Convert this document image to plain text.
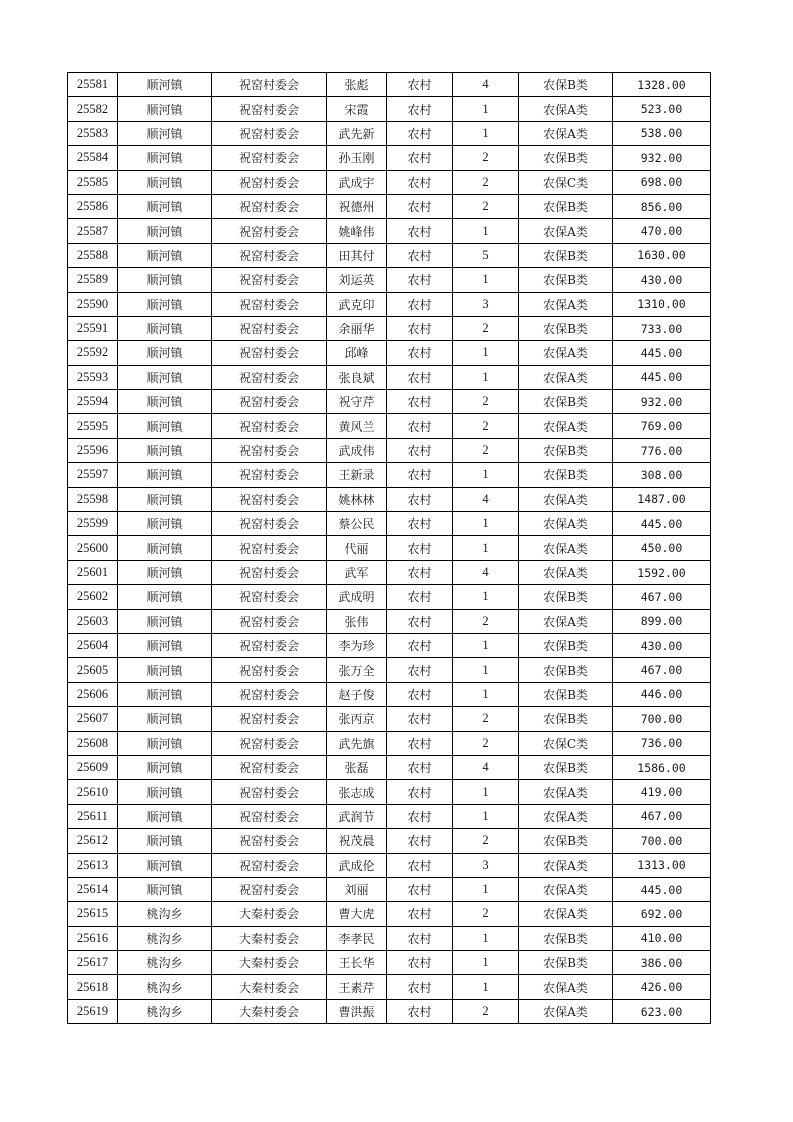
25581	顺河镇	祝窑村委会	张彪	农村	4	农保B类	1328.00
25582	顺河镇	祝窑村委会	宋霞	农村	1	农保A类	523.00
25583	顺河镇	祝窑村委会	武先新	农村	1	农保A类	538.00
25584	顺河镇	祝窑村委会	孙玉刚	农村	2	农保B类	932.00
25585	顺河镇	祝窑村委会	武成宇	农村	2	农保C类	698.00
25586	顺河镇	祝窑村委会	祝德州	农村	2	农保B类	856.00
25587	顺河镇	祝窑村委会	姚峰伟	农村	1	农保A类	470.00
25588	顺河镇	祝窑村委会	田其付	农村	5	农保B类	1630.00
25589	顺河镇	祝窑村委会	刘运英	农村	1	农保B类	430.00
25590	顺河镇	祝窑村委会	武克印	农村	3	农保A类	1310.00
25591	顺河镇	祝窑村委会	余丽华	农村	2	农保B类	733.00
25592	顺河镇	祝窑村委会	邱峰	农村	1	农保A类	445.00
25593	顺河镇	祝窑村委会	张良斌	农村	1	农保A类	445.00
25594	顺河镇	祝窑村委会	祝守芹	农村	2	农保B类	932.00
25595	顺河镇	祝窑村委会	黄风兰	农村	2	农保A类	769.00
25596	顺河镇	祝窑村委会	武成伟	农村	2	农保B类	776.00
25597	顺河镇	祝窑村委会	王新录	农村	1	农保B类	308.00
25598	顺河镇	祝窑村委会	姚林林	农村	4	农保A类	1487.00
25599	顺河镇	祝窑村委会	蔡公民	农村	1	农保A类	445.00
25600	顺河镇	祝窑村委会	代丽	农村	1	农保A类	450.00
25601	顺河镇	祝窑村委会	武军	农村	4	农保A类	1592.00
25602	顺河镇	祝窑村委会	武成明	农村	1	农保B类	467.00
25603	顺河镇	祝窑村委会	张伟	农村	2	农保A类	899.00
25604	顺河镇	祝窑村委会	李为珍	农村	1	农保B类	430.00
25605	顺河镇	祝窑村委会	张万全	农村	1	农保B类	467.00
25606	顺河镇	祝窑村委会	赵子俊	农村	1	农保B类	446.00
25607	顺河镇	祝窑村委会	张丙京	农村	2	农保B类	700.00
25608	顺河镇	祝窑村委会	武先旗	农村	2	农保C类	736.00
25609	顺河镇	祝窑村委会	张磊	农村	4	农保B类	1586.00
25610	顺河镇	祝窑村委会	张志成	农村	1	农保A类	419.00
25611	顺河镇	祝窑村委会	武润节	农村	1	农保A类	467.00
25612	顺河镇	祝窑村委会	祝茂晨	农村	2	农保B类	700.00
25613	顺河镇	祝窑村委会	武成伦	农村	3	农保A类	1313.00
25614	顺河镇	祝窑村委会	刘丽	农村	1	农保A类	445.00
25615	桃沟乡	大秦村委会	曹大虎	农村	2	农保A类	692.00
25616	桃沟乡	大秦村委会	李孝民	农村	1	农保B类	410.00
25617	桃沟乡	大秦村委会	王长华	农村	1	农保B类	386.00
25618	桃沟乡	大秦村委会	王素芹	农村	1	农保A类	426.00
25619	桃沟乡	大秦村委会	曹洪振	农村	2	农保A类	623.00
